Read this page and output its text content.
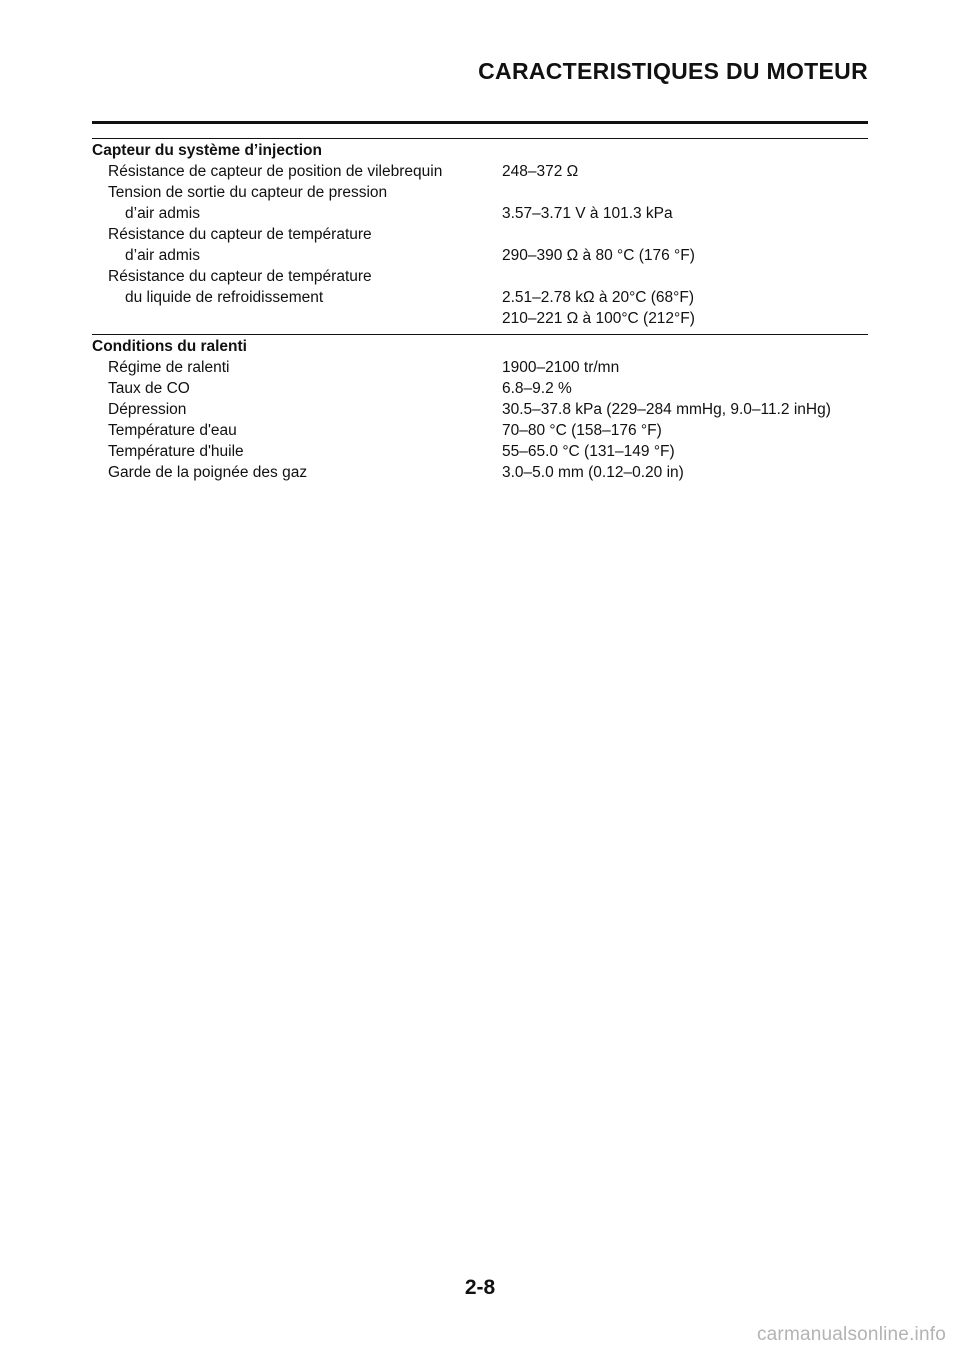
CARACTERISTIQUES DU MOTEUR
Capteur du système d’injection
Résistance de capteur de position de vilebrequin	248–372 Ω
Tension de sortie du capteur de pression
d’air admis	3.57–3.71 V à 101.3 kPa
Résistance du capteur de température
d’air admis	290–390 Ω à 80 °C (176 °F)
Résistance du capteur de température
du liquide de refroidissement	2.51–2.78 kΩ à 20°C (68°F)
210–221 Ω à 100°C (212°F)
Conditions du ralenti
Régime de ralenti	1900–2100 tr/mn
Taux de CO	6.8–9.2 %
Dépression	30.5–37.8 kPa (229–284 mmHg, 9.0–11.2 inHg)
Température d'eau	70–80 °C (158–176 °F)
Température d'huile	55–65.0 °C (131–149 °F)
Garde de la poignée des gaz	3.0–5.0 mm (0.12–0.20 in)
2-8
carmanualsonline.info
